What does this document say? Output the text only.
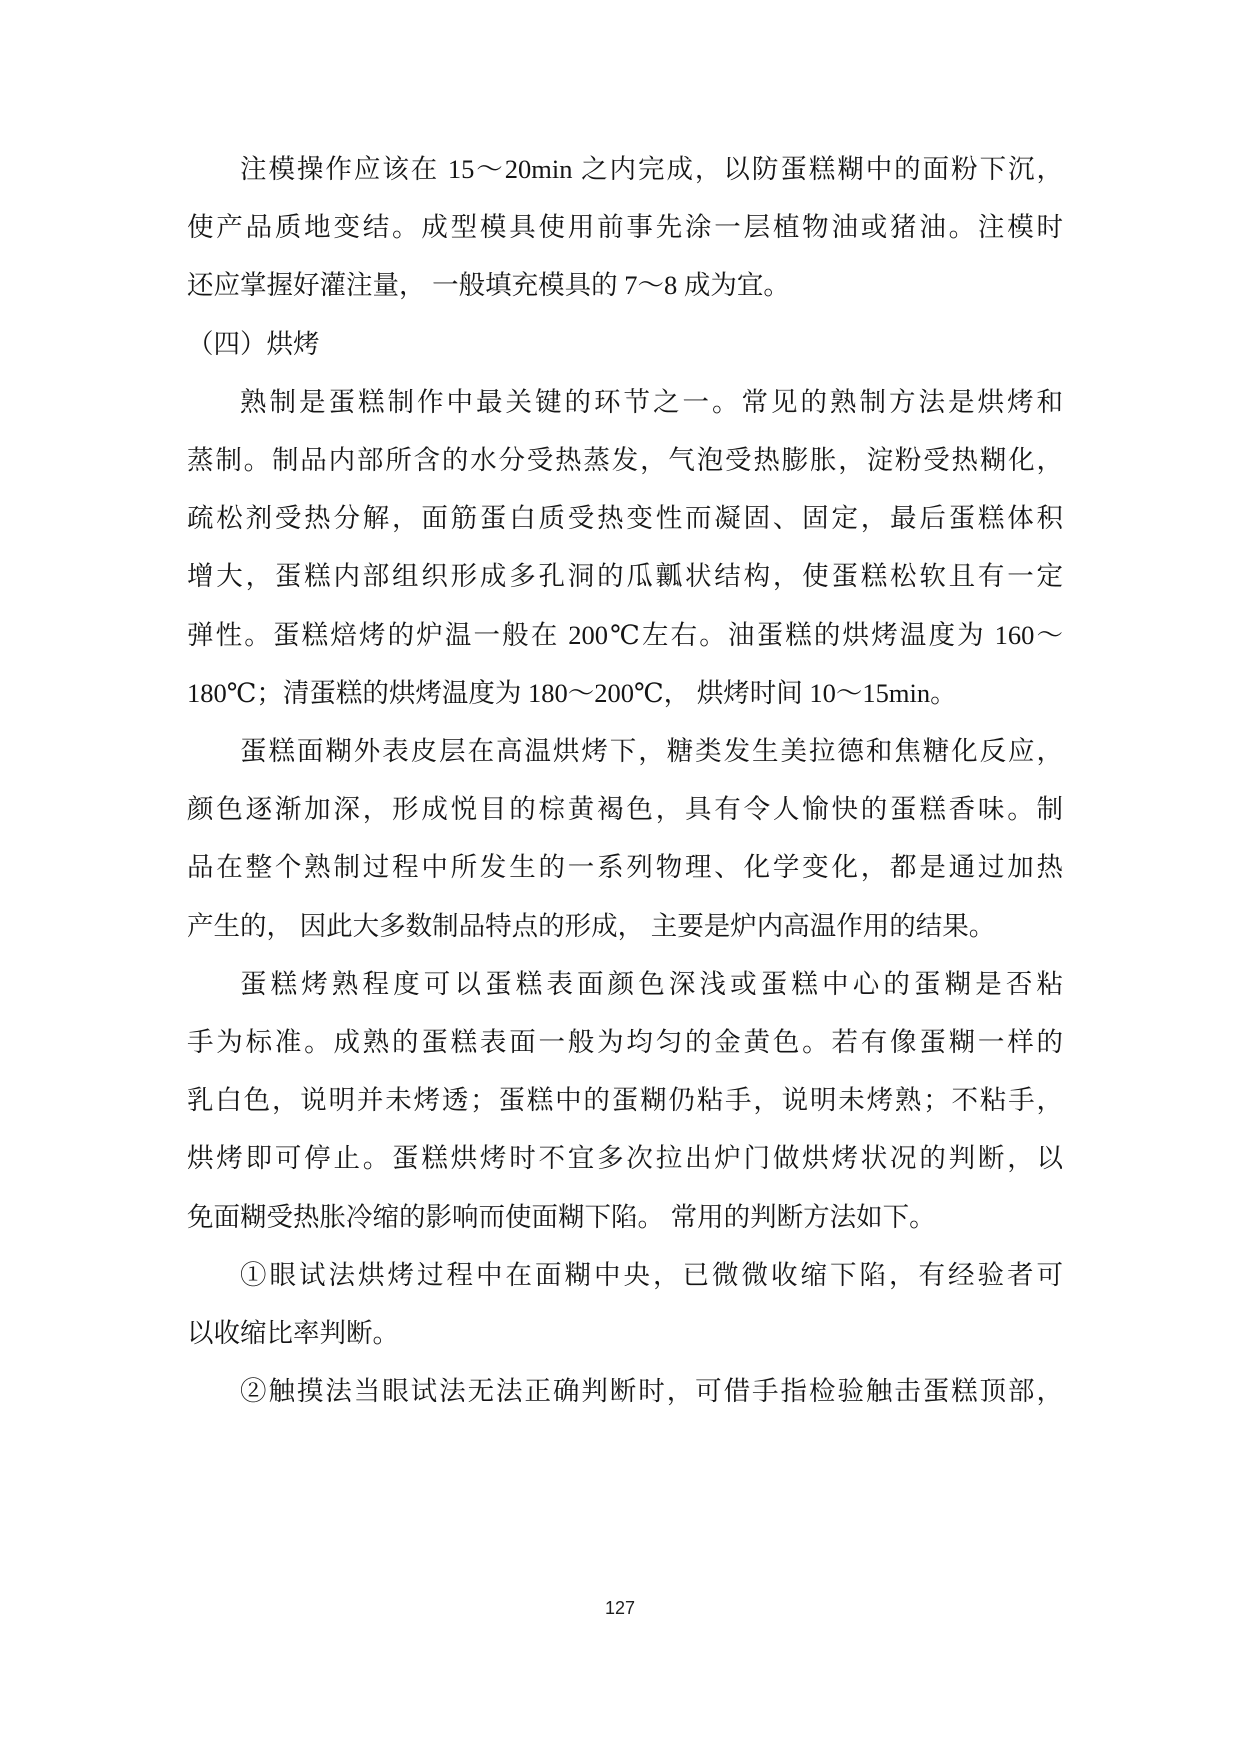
注模操作应该在 15～20min 之内完成，以防蛋糕糊中的面粉下沉，
使产品质地变结。成型模具使用前事先涂一层植物油或猪油。注模时
还应掌握好灌注量， 一般填充模具的 7～8 成为宜。
（四）烘烤
熟制是蛋糕制作中最关键的环节之一。常见的熟制方法是烘烤和
蒸制。制品内部所含的水分受热蒸发，气泡受热膨胀，淀粉受热糊化，
疏松剂受热分解，面筋蛋白质受热变性而凝固、固定，最后蛋糕体积
增大，蛋糕内部组织形成多孔洞的瓜瓤状结构，使蛋糕松软且有一定
弹性。蛋糕焙烤的炉温一般在 200℃左右。油蛋糕的烘烤温度为 160～
180℃；清蛋糕的烘烤温度为 180～200℃， 烘烤时间 10～15min。
蛋糕面糊外表皮层在高温烘烤下，糖类发生美拉德和焦糖化反应，
颜色逐渐加深，形成悦目的棕黄褐色，具有令人愉快的蛋糕香味。制
品在整个熟制过程中所发生的一系列物理、化学变化，都是通过加热
产生的， 因此大多数制品特点的形成， 主要是炉内高温作用的结果。
蛋糕烤熟程度可以蛋糕表面颜色深浅或蛋糕中心的蛋糊是否粘
手为标准。成熟的蛋糕表面一般为均匀的金黄色。若有像蛋糊一样的
乳白色，说明并未烤透；蛋糕中的蛋糊仍粘手，说明未烤熟；不粘手，
烘烤即可停止。蛋糕烘烤时不宜多次拉出炉门做烘烤状况的判断，以
免面糊受热胀冷缩的影响而使面糊下陷。 常用的判断方法如下。
①眼试法烘烤过程中在面糊中央，已微微收缩下陷，有经验者可
以收缩比率判断。
②触摸法当眼试法无法正确判断时，可借手指检验触击蛋糕顶部，
127
